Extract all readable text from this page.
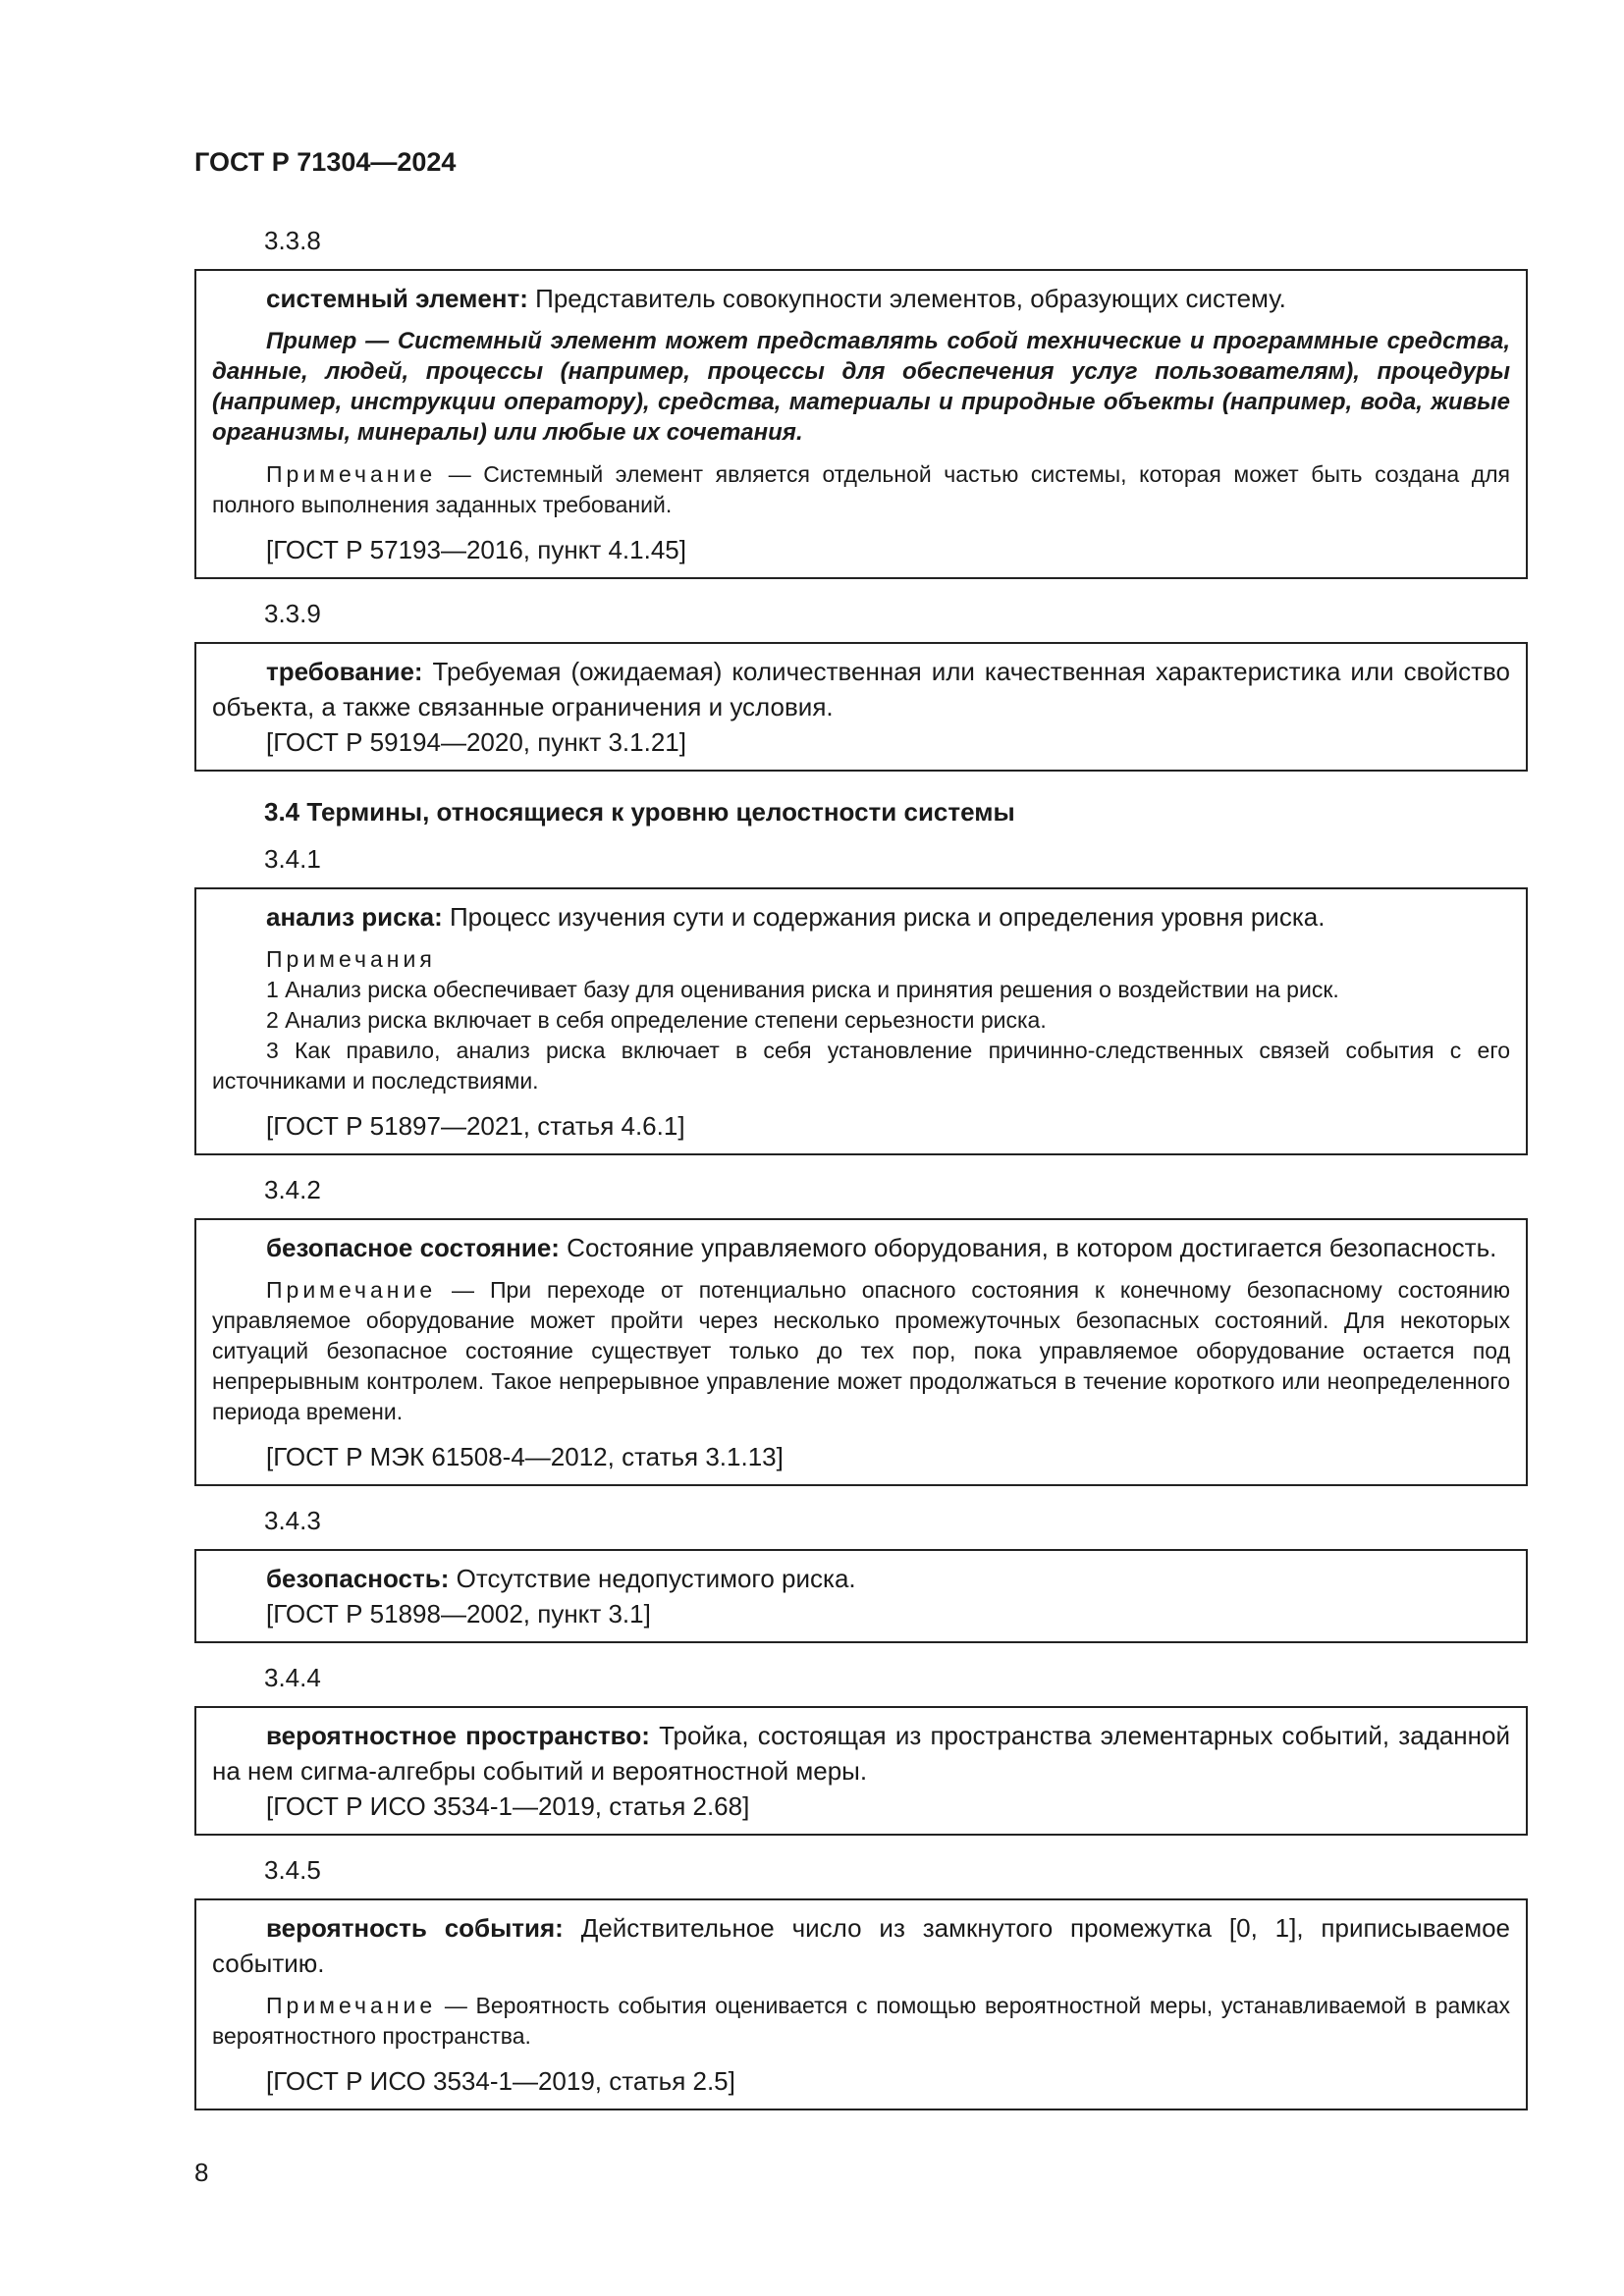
ГОСТ Р 71304—2024
3.3.8

системный элемент: Представитель совокупности элементов, образующих систему.

Пример — Системный элемент может представлять собой технические и программные средства, данные, людей, процессы (например, процессы для обеспечения услуг пользователям), процедуры (например, инструкции оператору), средства, материалы и природные объекты (например, вода, живые организмы, минералы) или любые их сочетания.

Примечание — Системный элемент является отдельной частью системы, которая может быть создана для полного выполнения заданных требований.

[ГОСТ Р 57193—2016, пункт 4.1.45]

3.3.9

требование: Требуемая (ожидаемая) количественная или качественная характеристика или свойство объекта, а также связанные ограничения и условия.

[ГОСТ Р 59194—2020, пункт 3.1.21]

3.4 Термины, относящиеся к уровню целостности системы
3.4.1

анализ риска: Процесс изучения сути и содержания риска и определения уровня риска.

Примечания

1 Анализ риска обеспечивает базу для оценивания риска и принятия решения о воздействии на риск.

2 Анализ риска включает в себя определение степени серьезности риска.

3 Как правило, анализ риска включает в себя установление причинно-следственных связей события с его источниками и последствиями.

[ГОСТ Р 51897—2021, статья 4.6.1]

3.4.2

безопасное состояние: Состояние управляемого оборудования, в котором достигается безопасность.

Примечание — При переходе от потенциально опасного состояния к конечному безопасному состоянию управляемое оборудование может пройти через несколько промежуточных безопасных состояний. Для некоторых ситуаций безопасное состояние существует только до тех пор, пока управляемое оборудование остается под непрерывным контролем. Такое непрерывное управление может продолжаться в течение короткого или неопределенного периода времени.

[ГОСТ Р МЭК 61508-4—2012, статья 3.1.13]

3.4.3

безопасность: Отсутствие недопустимого риска.

[ГОСТ Р 51898—2002, пункт 3.1]

3.4.4

вероятностное пространство: Тройка, состоящая из пространства элементарных событий, заданной на нем сигма-алгебры событий и вероятностной меры.

[ГОСТ Р ИСО 3534-1—2019, статья 2.68]

3.4.5

вероятность события: Действительное число из замкнутого промежутка [0, 1], приписываемое событию.

Примечание — Вероятность события оценивается с помощью вероятностной меры, устанавливаемой в рамках вероятностного пространства.

[ГОСТ Р ИСО 3534-1—2019, статья 2.5]

8
